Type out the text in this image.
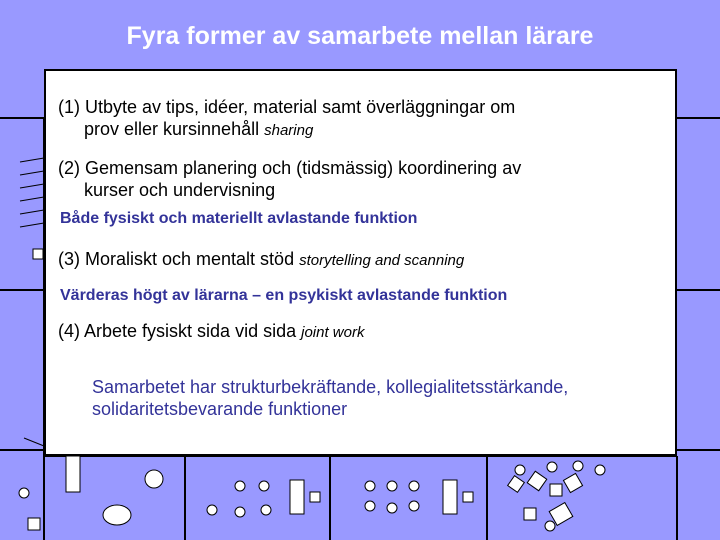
Fyra former av samarbete mellan lärare
(1) Utbyte av tips, idéer, material samt överläggningar om
prov eller kursinnehåll sharing
(2) Gemensam planering och (tidsmässig) koordinering av
kurser och undervisning
Både fysiskt och materiellt avlastande funktion
(3) Moraliskt och mentalt stöd storytelling and scanning
Värderas högt av lärarna – en psykiskt avlastande funktion
(4) Arbete fysiskt sida vid sida joint work
Samarbetet har strukturbekräftande, kollegialitetsstärkande,
solidaritetsbevarande funktioner
